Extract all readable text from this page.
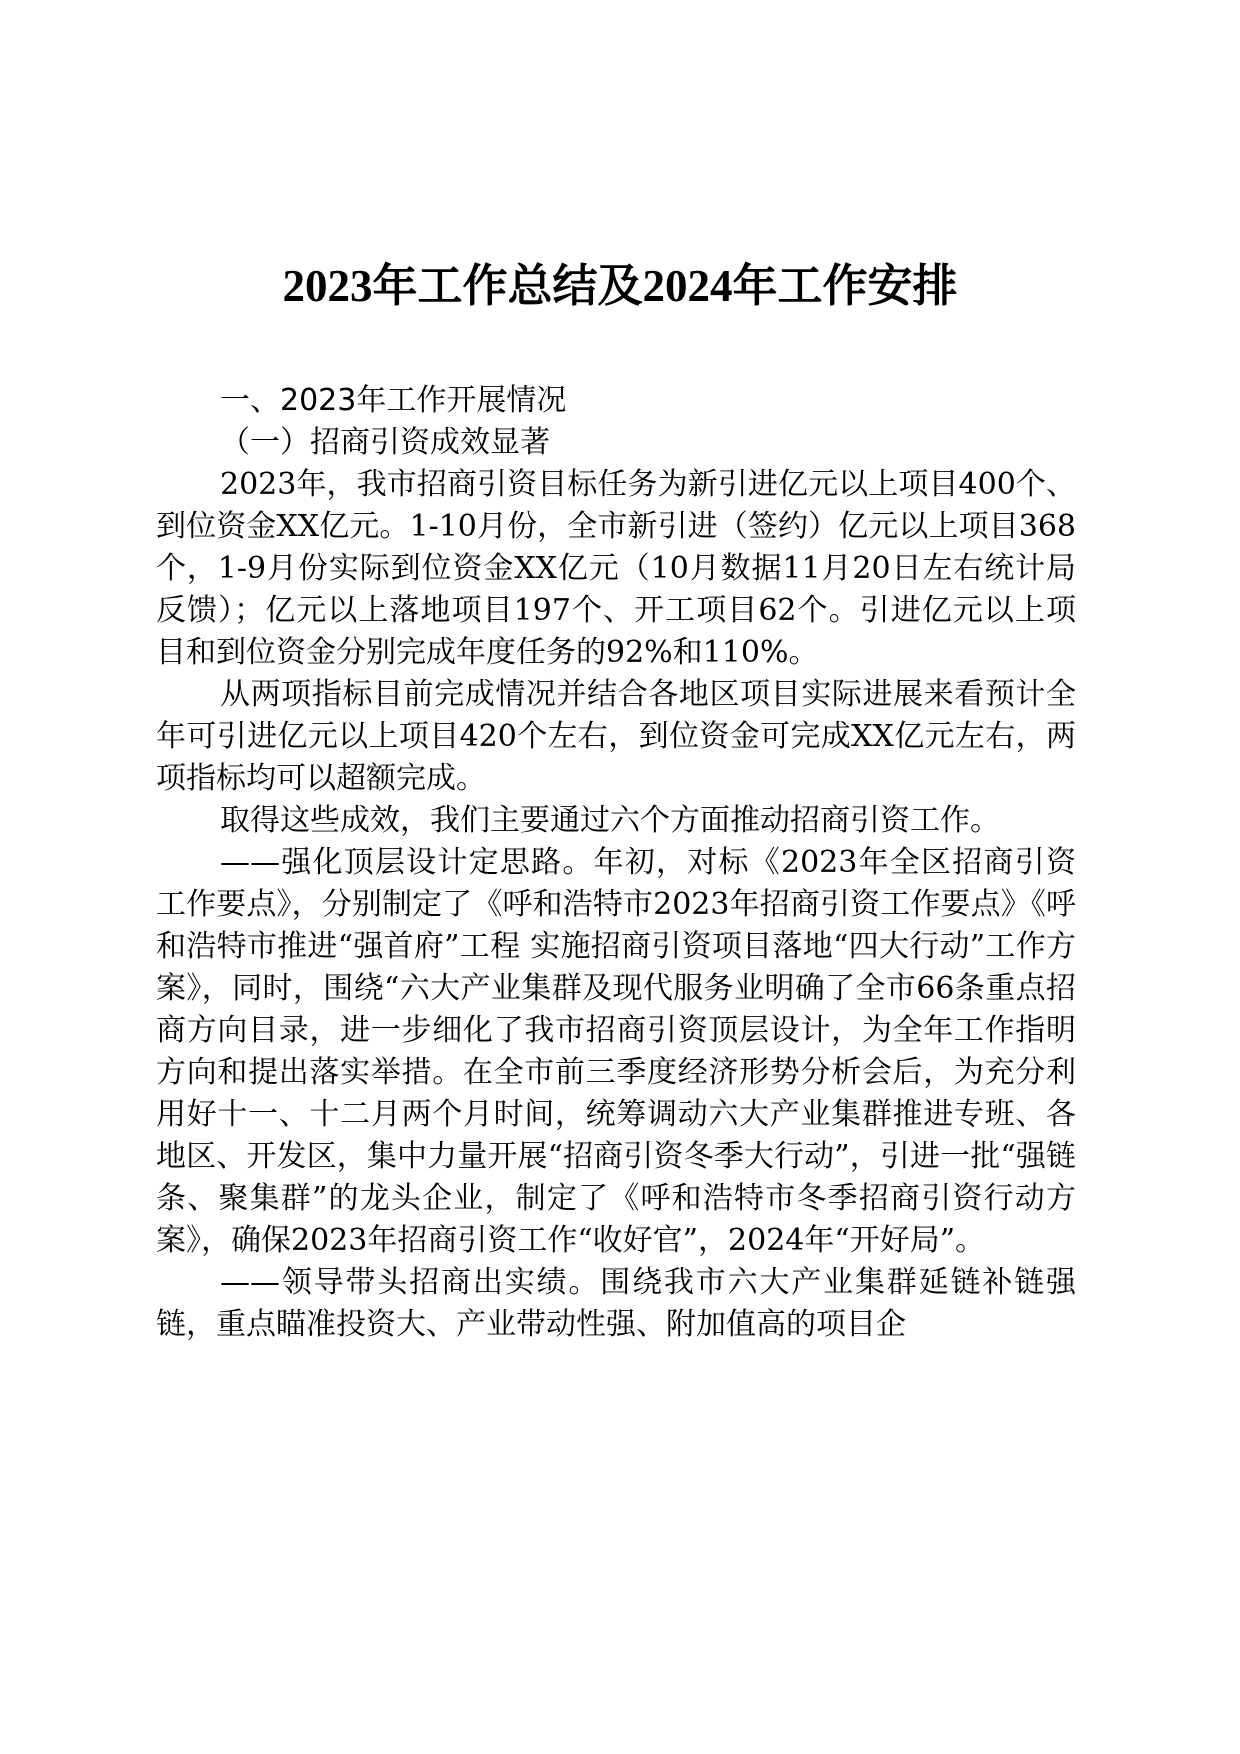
2023年工作总结及2024年工作安排

一、2023年工作开展情况

（一）招商引资成效显著

2023年，我市招商引资目标任务为新引进亿元以上项目400个、到位资金XX亿元。1-10月份，全市新引进（签约）亿元以上项目368个，1-9月份实际到位资金XX亿元（10月数据11月20日左右统计局反馈）；亿元以上落地项目197个、开工项目62个。引进亿元以上项目和到位资金分别完成年度任务的92%和110%。

从两项指标目前完成情况并结合各地区项目实际进展来看预计全年可引进亿元以上项目420个左右，到位资金可完成XX亿元左右，两项指标均可以超额完成。

取得这些成效，我们主要通过六个方面推动招商引资工作。

——强化顶层设计定思路。年初，对标《2023年全区招商引资工作要点》，分别制定了《呼和浩特市2023年招商引资工作要点》《呼和浩特市推进“强首府”工程 实施招商引资项目落地“四大行动”工作方案》，同时，围绕“六大产业集群及现代服务业明确了全市66条重点招商方向目录，进一步细化了我市招商引资顶层设计，为全年工作指明方向和提出落实举措。在全市前三季度经济形势分析会后，为充分利用好十一、十二月两个月时间，统筹调动六大产业集群推进专班、各地区、开发区，集中力量开展“招商引资冬季大行动”，引进一批“强链条、聚集群”的龙头企业，制定了《呼和浩特市冬季招商引资行动方案》，确保2023年招商引资工作“收好官”，2024年“开好局”。

——领导带头招商出实绩。围绕我市六大产业集群延链补链强链，重点瞄准投资大、产业带动性强、附加值高的项目企
